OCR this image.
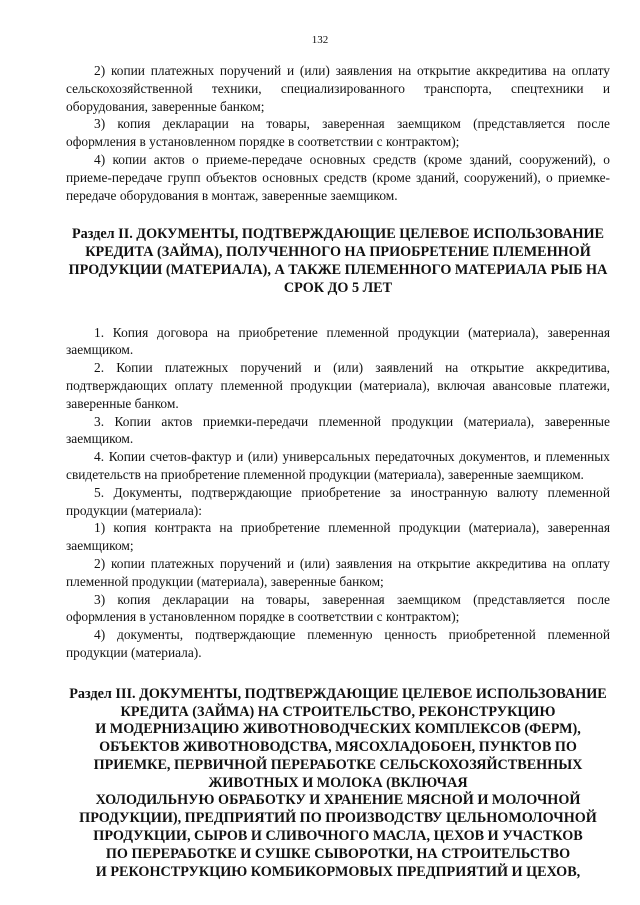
132

2) копии платежных поручений и (или) заявления на открытие аккредитива на оплату сельскохозяйственной техники, специализированного транспорта, спецтехники и оборудования, заверенные банком;

3) копия декларации на товары, заверенная заемщиком (представляется после оформления в установленном порядке в соответствии с контрактом);

4) копии актов о приеме-передаче основных средств (кроме зданий, сооружений), о приеме-передаче групп объектов основных средств (кроме зданий, сооружений), о приемке-передаче оборудования в монтаж, заверенные заемщиком.

Раздел II. ДОКУМЕНТЫ, ПОДТВЕРЖДАЮЩИЕ ЦЕЛЕВОЕ ИСПОЛЬЗОВАНИЕ КРЕДИТА (ЗАЙМА), ПОЛУЧЕННОГО НА ПРИОБРЕТЕНИЕ ПЛЕМЕННОЙ ПРОДУКЦИИ (МАТЕРИАЛА), А ТАКЖЕ ПЛЕМЕННОГО МАТЕРИАЛА РЫБ НА СРОК ДО 5 ЛЕТ

1. Копия договора на приобретение племенной продукции (материала), заверенная заемщиком.

2. Копии платежных поручений и (или) заявлений на открытие аккредитива, подтверждающих оплату племенной продукции (материала), включая авансовые платежи, заверенные банком.

3. Копии актов приемки-передачи племенной продукции (материала), заверенные заемщиком.

4. Копии счетов-фактур и (или) универсальных передаточных документов, и племенных свидетельств на приобретение племенной продукции (материала), заверенные заемщиком.

5. Документы, подтверждающие приобретение за иностранную валюту племенной продукции (материала):

1) копия контракта на приобретение племенной продукции (материала), заверенная заемщиком;

2) копии платежных поручений и (или) заявления на открытие аккредитива на оплату племенной продукции (материала), заверенные банком;

3) копия декларации на товары, заверенная заемщиком (представляется после оформления в установленном порядке в соответствии с контрактом);

4) документы, подтверждающие племенную ценность приобретенной племенной продукции (материала).

Раздел III. ДОКУМЕНТЫ, ПОДТВЕРЖДАЮЩИЕ ЦЕЛЕВОЕ ИСПОЛЬЗОВАНИЕ
КРЕДИТА (ЗАЙМА) НА СТРОИТЕЛЬСТВО, РЕКОНСТРУКЦИЮ
И МОДЕРНИЗАЦИЮ ЖИВОТНОВОДЧЕСКИХ КОМПЛЕКСОВ (ФЕРМ),
ОБЪЕКТОВ ЖИВОТНОВОДСТВА, МЯСОХЛАДОБОЕН, ПУНКТОВ ПО
ПРИЕМКЕ, ПЕРВИЧНОЙ ПЕРЕРАБОТКЕ СЕЛЬСКОХОЗЯЙСТВЕННЫХ
ЖИВОТНЫХ И МОЛОКА (ВКЛЮЧАЯ
ХОЛОДИЛЬНУЮ ОБРАБОТКУ И ХРАНЕНИЕ МЯСНОЙ И МОЛОЧНОЙ
ПРОДУКЦИИ), ПРЕДПРИЯТИЙ ПО ПРОИЗВОДСТВУ ЦЕЛЬНОМОЛОЧНОЙ
ПРОДУКЦИИ, СЫРОВ И СЛИВОЧНОГО МАСЛА, ЦЕХОВ И УЧАСТКОВ
ПО ПЕРЕРАБОТКЕ И СУШКЕ СЫВОРОТКИ, НА СТРОИТЕЛЬСТВО
И РЕКОНСТРУКЦИЮ КОМБИКОРМОВЫХ ПРЕДПРИЯТИЙ И ЦЕХОВ,
